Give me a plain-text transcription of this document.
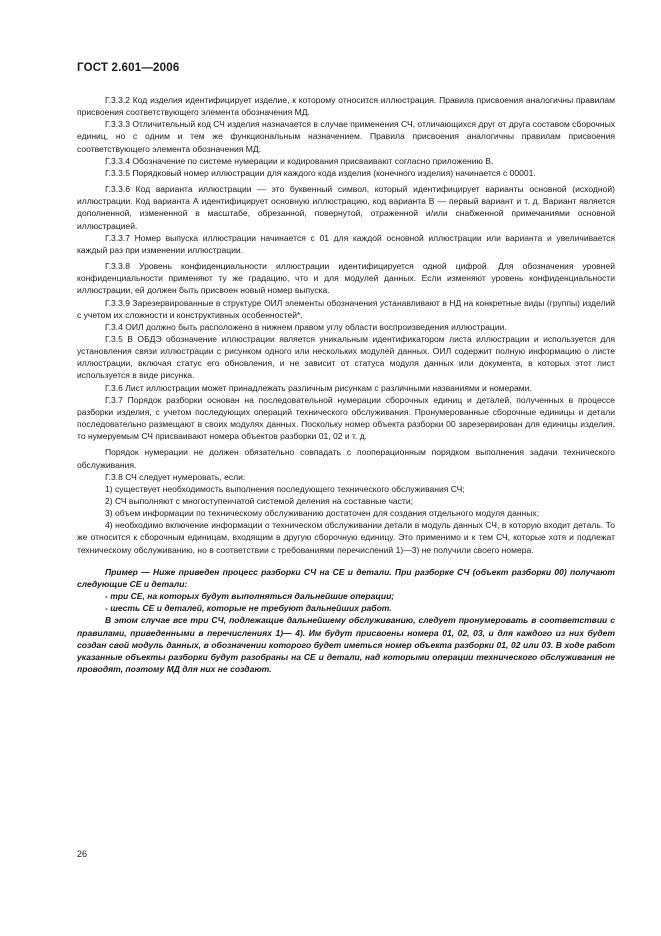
ГОСТ 2.601—2006

Г.3.3.2 Код изделия идентифицирует изделие, к которому относится иллюстрация. Правила присвоения аналогичны правилам присвоения соответствующего элемента обозначения МД.

Г.3.3.3 Отличительный код СЧ изделия назначается в случае применения СЧ, отличающихся друг от друга составом сборочных единиц, но с одним и тем же функциональным назначением. Правила присвоения аналогичны правилам присвоения соответствующего элемента обозначения МД.

Г.3.3.4 Обозначение по системе нумерации и кодирования присваивают согласно приложению В.

Г.3.3.5 Порядковый номер иллюстрации для каждого кода изделия (конечного изделия) начинается с 00001.

Г.3.3.6 Код варианта иллюстрации — это буквенный символ, который идентифицирует варианты основной (исходной) иллюстрации. Код варианта А идентифицирует основную иллюстрацию, код варианта В — первый вариант и т. д. Вариант является дополненной, измененной в масштабе, обрезанной, повернутой, отраженной и/или снабженной примечаниями основной иллюстрацией.

Г.3.3.7 Номер выпуска иллюстрации начинается с 01 для каждой основной иллюстрации или варианта и увеличивается каждый раз при изменении иллюстрации.

Г.3.3.8 Уровень конфиденциальности иллюстрации идентифицируется одной цифрой. Для обозначения уровней конфиденциальности применяют ту же градацию, что и для модулей данных. Если изменяют уровень конфиденциальности иллюстрации, ей должен быть присвоен новый номер выпуска.

Г.3.3.9 Зарезервированные в структуре ОИЛ элементы обозначения устанавливают в НД на конкретные виды (группы) изделий с учетом их сложности и конструктивных особенностей*.

Г.3.4 ОИЛ должно быть расположено в нижнем правом углу области воспроизведения иллюстрации.

Г.3.5 В ОБДЭ обозначение иллюстрации является уникальным идентификатором листа иллюстрации и используется для установления связи иллюстрации с рисунком одного или нескольких модулей данных. ОИЛ содержит полную информацию о листе иллюстрации, включая статус его обновления, и не зависит от статуса модуля данных или документа, в которых этот лист используется в виде рисунка.

Г.3.6 Лист иллюстрации может принадлежать различным рисункам с различными названиями и номерами.

Г.3.7 Порядок разборки основан на последовательной нумерации сборочных единиц и деталей, полученных в процессе разборки изделия, с учетом последующих операций технического обслуживания. Пронумерованные сборочные единицы и детали последовательно размещают в своих модулях данных. Поскольку номер объекта разборки 00 зарезервирован для единицы изделия, то нумеруемым СЧ присваивают номера объектов разборки 01, 02 и т. д.

Порядок нумерации не должен обязательно совпадать с пооперационным порядком выполнения задачи технического обслуживания.

Г.3.8 СЧ следует нумеровать, если:

1) существует необходимость выполнения последующего технического обслуживания СЧ;

2) СЧ выполняют с многоступенчатой системой деления на составные части;

3) объем информации по техническому обслуживанию достаточен для создания отдельного модуля данных;

4) необходимо включение информации о техническом обслуживании детали в модуль данных СЧ, в которую входит деталь. То же относится к сборочным единицам, входящим в другую сборочную единицу. Это применимо и к тем СЧ, которые хотя и подлежат техническому обслуживанию, но в соответствии с требованиями перечислений 1)—3) не получили своего номера.

Пример — Ниже приведен процесс разборки СЧ на СЕ и детали. При разборке СЧ (объект разборки 00) получают следующие СЕ и детали:

- три СЕ, на которых будут выполняться дальнейшие операции;

- шесть СЕ и деталей, которые не требуют дальнейших работ.

В этом случае все три СЧ, подлежащие дальнейшему обслуживанию, следует пронумеровать в соответствии с правилами, приведенными в перечислениях 1)— 4). Им будут присвоены номера 01, 02, 03, и для каждого из них будет создан свой модуль данных, в обозначении которого будет иметься номер объекта разборки 01, 02 или 03. В ходе работ указанные объекты разборки будут разобраны на СЕ и детали, над которыми операции технического обслуживания не проводят, поэтому МД для них не создают.

26
